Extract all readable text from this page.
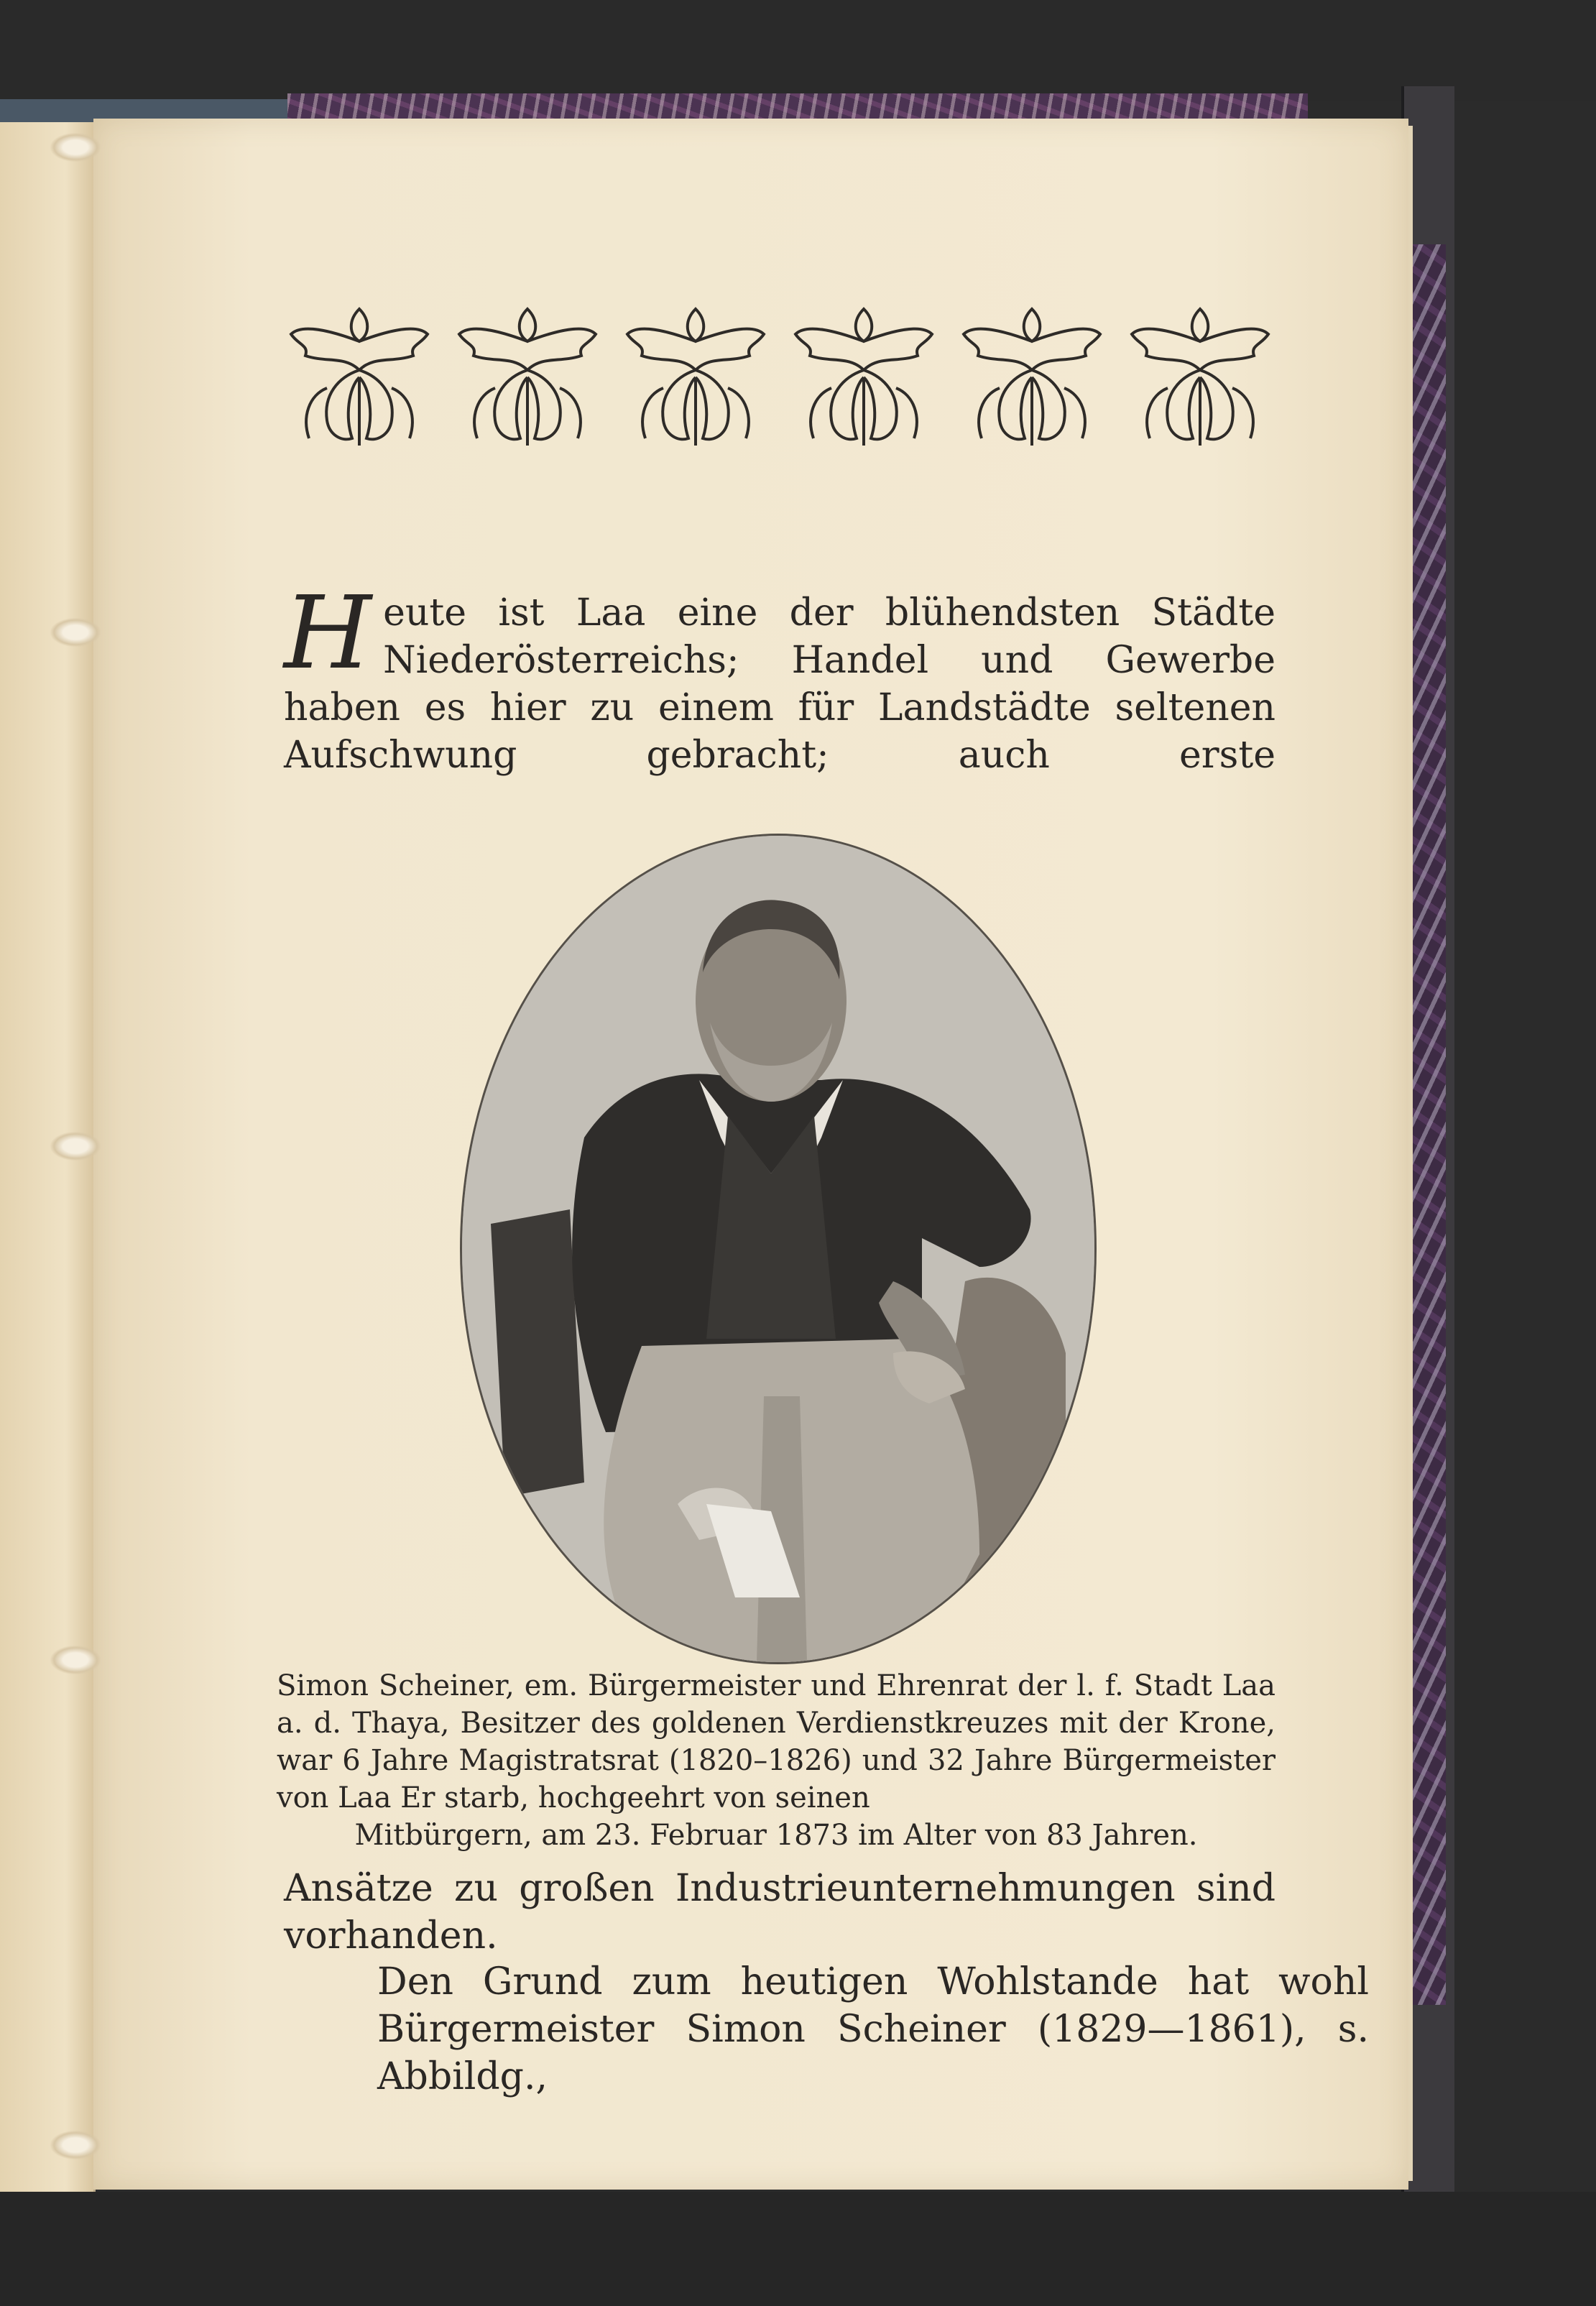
H eute ist Laa eine der blühendsten Städte Niederösterreichs; Handel und Gewerbe haben es hier zu einem für Landstädte seltenen Aufschwung gebracht; auch erste
Simon Scheiner, em. Bürgermeister und Ehrenrat der l. f. Stadt Laa a. d. Thaya, Besitzer des goldenen Verdienstkreuzes mit der Krone, war 6 Jahre Magistratsrat (1820–1826) und 32 Jahre Bürgermeister von Laa Er starb, hochgeehrt von seinen
Mitbürgern, am 23. Februar 1873 im Alter von 83 Jahren.
Ansätze zu großen Industrieunternehmungen sind vorhanden.
Den Grund zum heutigen Wohlstande hat wohl Bürgermeister Simon Scheiner (1829—1861), s. Abbildg.,
